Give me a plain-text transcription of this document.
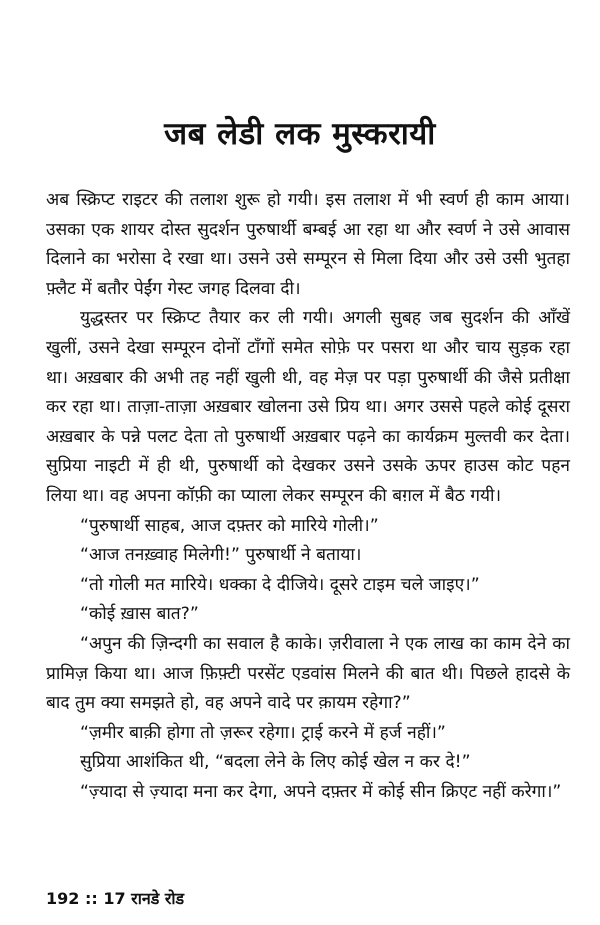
जब लेडी लक मुस्करायी

अब स्क्रिप्ट राइटर की तलाश शुरू हो गयी। इस तलाश में भी स्वर्ण ही काम आया। उसका एक शायर दोस्त सुदर्शन पुरुषार्थी बम्बई आ रहा था और स्वर्ण ने उसे आवास दिलाने का भरोसा दे रखा था। उसने उसे सम्पूरन से मिला दिया और उसे उसी भुतहा फ़्लैट में बतौर पेईंग गेस्ट जगह दिलवा दी।

युद्धस्तर पर स्क्रिप्ट तैयार कर ली गयी। अगली सुबह जब सुदर्शन की आँखें खुलीं, उसने देखा सम्पूरन दोनों टाँगों समेत सोफ़े पर पसरा था और चाय सुड़क रहा था। अख़बार की अभी तह नहीं खुली थी, वह मेज़ पर पड़ा पुरुषार्थी की जैसे प्रतीक्षा कर रहा था। ताज़ा-ताज़ा अख़बार खोलना उसे प्रिय था। अगर उससे पहले कोई दूसरा अख़बार के पन्ने पलट देता तो पुरुषार्थी अख़बार पढ़ने का कार्यक्रम मुल्तवी कर देता। सुप्रिया नाइटी में ही थी, पुरुषार्थी को देखकर उसने उसके ऊपर हाउस कोट पहन लिया था। वह अपना कॉफ़ी का प्याला लेकर सम्पूरन की बग़ल में बैठ गयी।

“पुरुषार्थी साहब, आज दफ़्तर को मारिये गोली।”

“आज तनख़्वाह मिलेगी!” पुरुषार्थी ने बताया।

“तो गोली मत मारिये। धक्का दे दीजिये। दूसरे टाइम चले जाइए।”

“कोई ख़ास बात?”

“अपुन की ज़िन्दगी का सवाल है काके। ज़रीवाला ने एक लाख का काम देने का प्रामिज़ किया था। आज फ़िफ़्टी परसेंट एडवांस मिलने की बात थी। पिछले हादसे के बाद तुम क्या समझते हो, वह अपने वादे पर क़ायम रहेगा?”

“ज़मीर बाक़ी होगा तो ज़रूर रहेगा। ट्राई करने में हर्ज नहीं।”

सुप्रिया आशंकित थी, “बदला लेने के लिए कोई खेल न कर दे!”

“ज़्यादा से ज़्यादा मना कर देगा, अपने दफ़्तर में कोई सीन क्रिएट नहीं करेगा।”

192 :: 17 रानडे रोड
